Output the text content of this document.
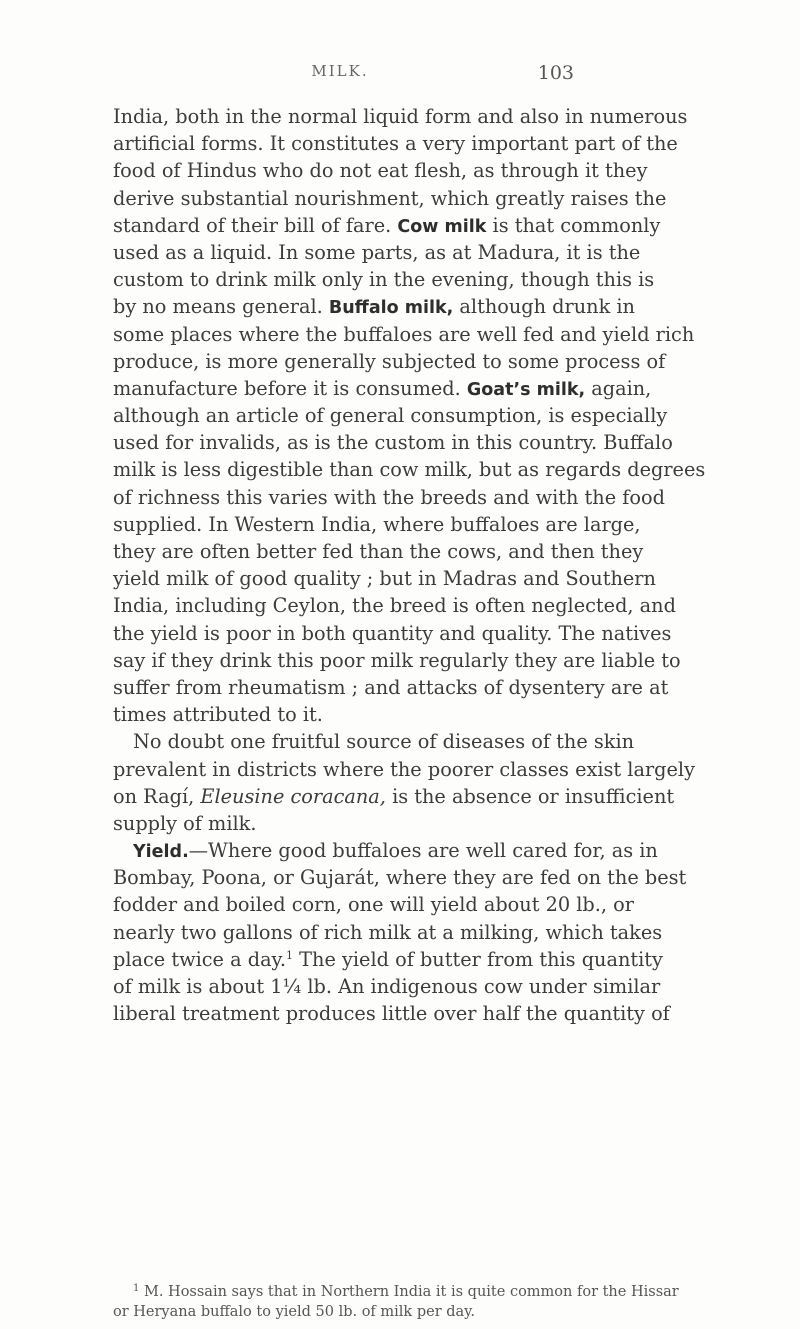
MILK.	103
India, both in the normal liquid form and also in numerous
artificial forms. It constitutes a very important part of the
food of Hindus who do not eat flesh, as through it they
derive substantial nourishment, which greatly raises the
standard of their bill of fare. Cow milk is that commonly
used as a liquid. In some parts, as at Madura, it is the
custom to drink milk only in the evening, though this is
by no means general. Buffalo milk, although drunk in
some places where the buffaloes are well fed and yield rich
produce, is more generally subjected to some process of
manufacture before it is consumed. Goat’s milk, again,
although an article of general consumption, is especially
used for invalids, as is the custom in this country. Buffalo
milk is less digestible than cow milk, but as regards degrees
of richness this varies with the breeds and with the food
supplied. In Western India, where buffaloes are large,
they are often better fed than the cows, and then they
yield milk of good quality ; but in Madras and Southern
India, including Ceylon, the breed is often neglected, and
the yield is poor in both quantity and quality. The natives
say if they drink this poor milk regularly they are liable to
suffer from rheumatism ; and attacks of dysentery are at
times attributed to it.
No doubt one fruitful source of diseases of the skin
prevalent in districts where the poorer classes exist largely
on Ragí, Eleusine coracana, is the absence or insufficient
supply of milk.
Yield.—Where good buffaloes are well cared for, as in
Bombay, Poona, or Gujarát, where they are fed on the best
fodder and boiled corn, one will yield about 20 lb., or
nearly two gallons of rich milk at a milking, which takes
place twice a day.$^1$ The yield of butter from this quantity
of milk is about 1¼ lb. An indigenous cow under similar
liberal treatment produces little over half the quantity of
$^1$ M. Hossain says that in Northern India it is quite common for the Hissar
or Heryana buffalo to yield 50 lb. of milk per day.
